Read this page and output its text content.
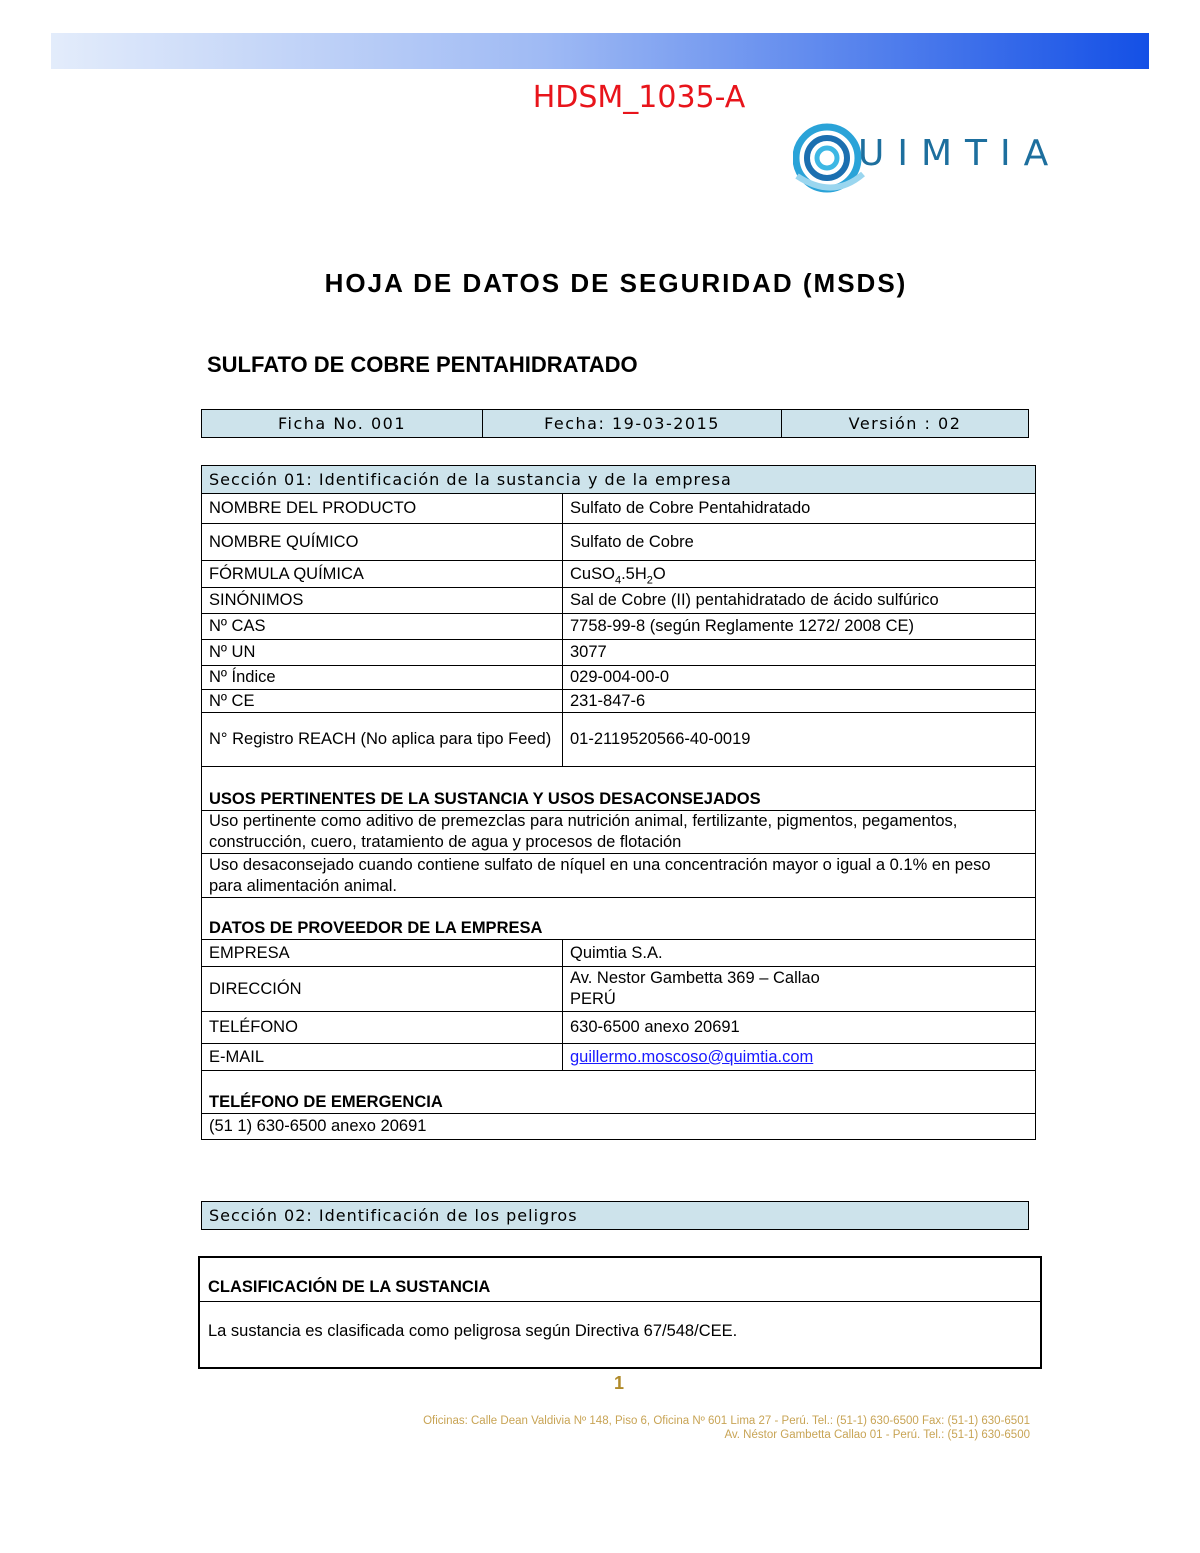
HDSM_1035-A
UIMTIA
HOJA DE DATOS DE SEGURIDAD (MSDS)
SULFATO DE COBRE PENTAHIDRATADO
Ficha No. 001	Fecha: 19-03-2015	Versión : 02
Sección 01: Identificación de la sustancia y de la empresa	
NOMBRE DEL PRODUCTO	Sulfato de Cobre Pentahidratado
NOMBRE QUÍMICO	Sulfato de Cobre
FÓRMULA QUÍMICA	$CuSO_4.5H_2O$
SINÓNIMOS	Sal de Cobre (II) pentahidratado de ácido sulfúrico
Nº CAS	7758-99-8 (según Reglamente 1272/ 2008 CE)
Nº UN	3077
Nº Índice	029-004-00-0
Nº CE	231-847-6
N° Registro REACH (No aplica para tipo Feed)	01-2119520566-40-0019
USOS PERTINENTES DE LA SUSTANCIA Y USOS DESACONSEJADOS	
Uso pertinente como aditivo de premezclas para nutrición animal, fertilizante, pigmentos, pegamentos, construcción, cuero, tratamiento de agua y procesos de flotación	
Uso desaconsejado cuando contiene sulfato de níquel en una concentración mayor o igual a 0.1% en peso para alimentación animal.	
DATOS DE PROVEEDOR DE LA EMPRESA	
EMPRESA	Quimtia S.A.
DIRECCIÓN	Av. Nestor Gambetta 369 – Callao
PERÚ

TELÉFONO	630-6500 anexo 20691
E-MAIL	guillermo.moscoso@quimtia.com
TELÉFONO DE EMERGENCIA	
(51 1) 630-6500 anexo 20691	
Sección 02: Identificación de los peligros
CLASIFICACIÓN DE LA SUSTANCIA
La sustancia es clasificada como peligrosa según Directiva 67/548/CEE.
1
Oficinas: Calle Dean Valdivia Nº 148, Piso 6, Oficina Nº 601 Lima 27 - Perú. Tel.: (51-1) 630-6500 Fax: (51-1) 630-6501
Av. Néstor Gambetta Callao 01 - Perú. Tel.: (51-1) 630-6500
